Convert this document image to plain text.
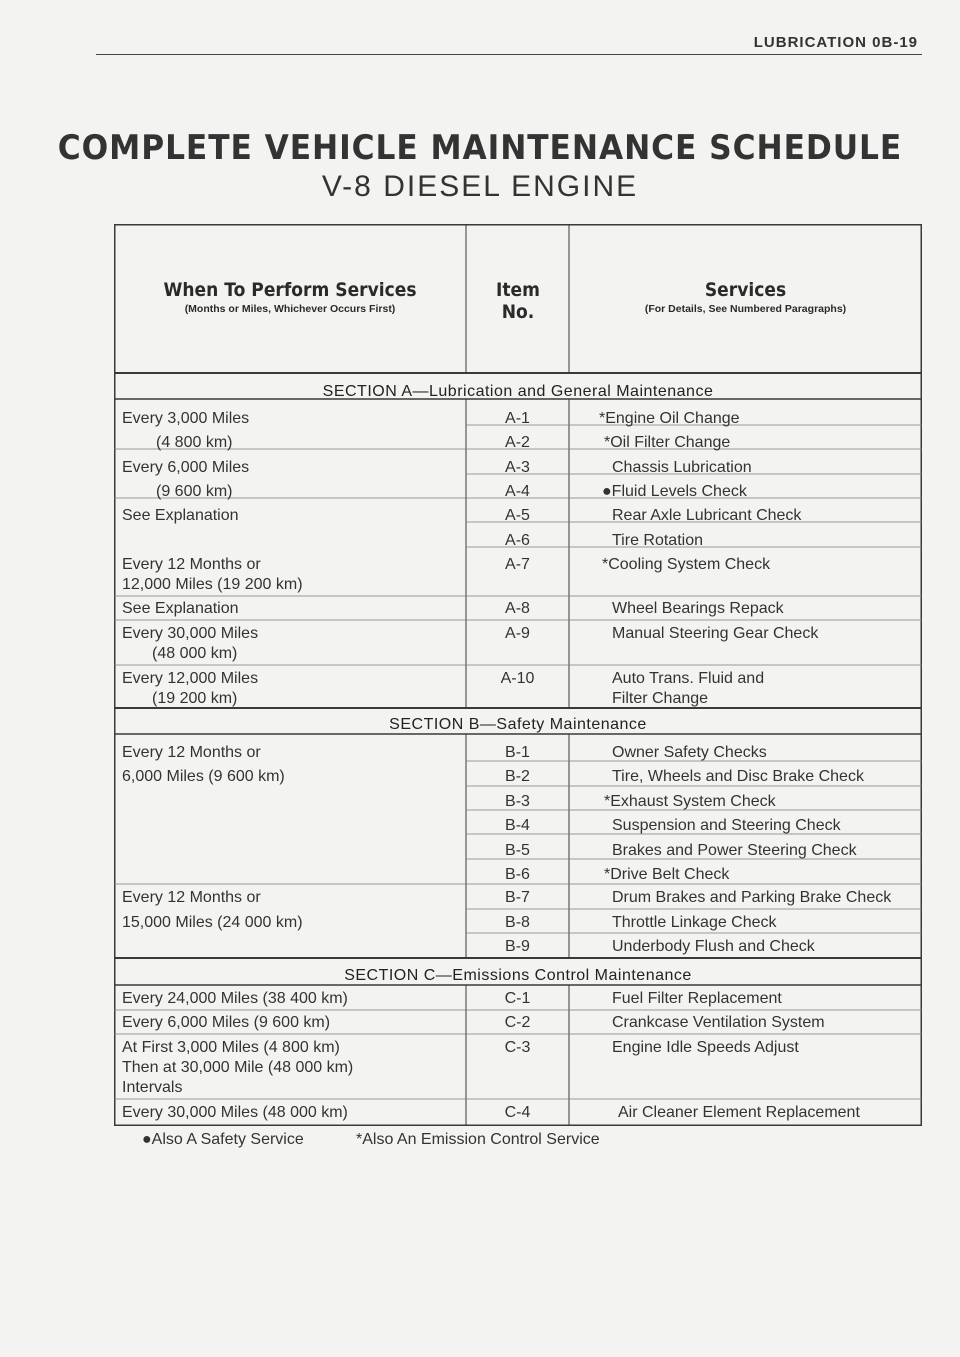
LUBRICATION 0B-19
COMPLETE VEHICLE MAINTENANCE SCHEDULE
V-8 DIESEL ENGINE
When To Perform Services
(Months or Miles, Whichever Occurs First)
Item No.
Services
(For Details, See Numbered Paragraphs)
SECTION A—Lubrication and General Maintenance
SECTION B—Safety Maintenance
SECTION C—Emissions Control Maintenance
Every 3,000 Miles
(4 800 km)
Every 6,000 Miles
(9 600 km)
See Explanation
Every 12 Months or
12,000 Miles (19 200 km)
See Explanation
Every 30,000 Miles
(48 000 km)
Every 12,000 Miles
(19 200 km)
Every 12 Months or
6,000 Miles (9 600 km)
Every 12 Months or
15,000 Miles (24 000 km)
Every 24,000 Miles (38 400 km)
Every 6,000 Miles (9 600 km)
At First 3,000 Miles (4 800 km)
Then at 30,000 Mile (48 000 km)
Intervals
Every 30,000 Miles (48 000 km)
A-1
A-2
A-3
A-4
A-5
A-6
A-7
A-8
A-9
A-10
B-1
B-2
B-3
B-4
B-5
B-6
B-7
B-8
B-9
C-1
C-2
C-3
C-4
*Engine Oil Change
*Oil Filter Change
Chassis Lubrication
●Fluid Levels Check
Rear Axle Lubricant Check
Tire Rotation
*Cooling System Check
Wheel Bearings Repack
Manual Steering Gear Check
Auto Trans. Fluid and
Filter Change
Owner Safety Checks
Tire, Wheels and Disc Brake Check
*Exhaust System Check
Suspension and Steering Check
Brakes and Power Steering Check
*Drive Belt Check
Drum Brakes and Parking Brake Check
Throttle Linkage Check
Underbody Flush and Check
Fuel Filter Replacement
Crankcase Ventilation System
Engine Idle Speeds Adjust
Air Cleaner Element Replacement
●Also A Safety Service	*Also An Emission Control Service
